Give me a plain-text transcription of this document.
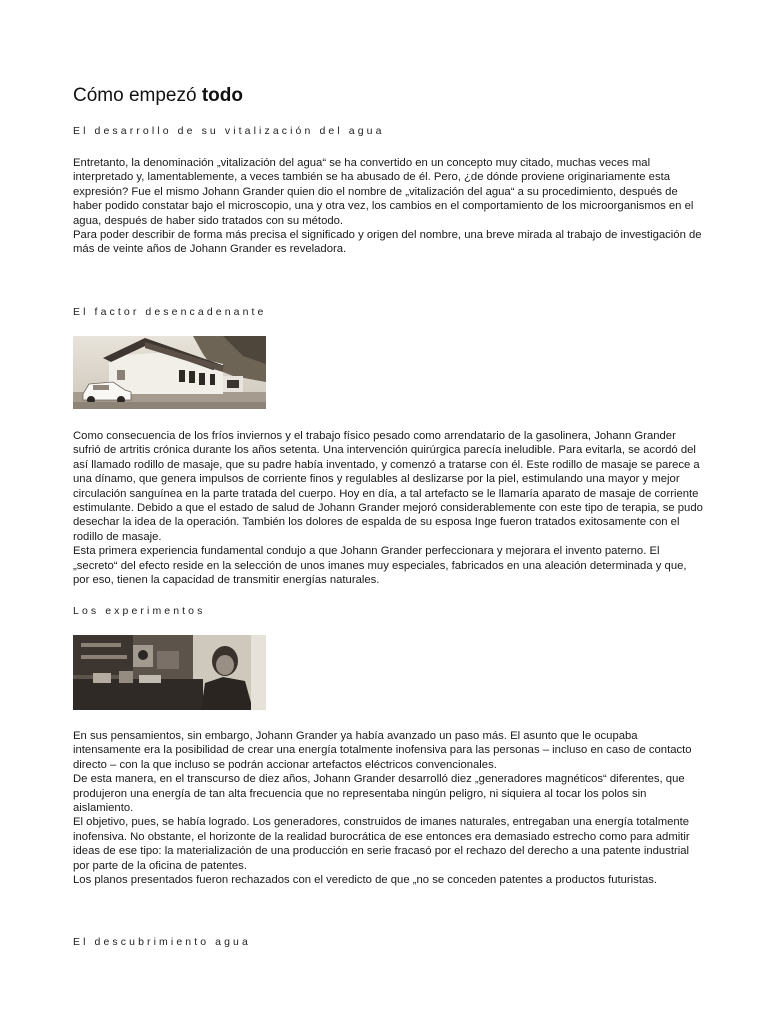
Cómo empezó todo
El desarrollo de su vitalización del agua

Entretanto, la denominación „vitalización del agua“ se ha convertido en un concepto muy citado, muchas veces mal interpretado y, lamentablemente, a veces también se ha abusado de él. Pero, ¿de dónde proviene originariamente esta expresión? Fue el mismo Johann Grander quien dio el nombre de „vitalización del agua“ a su procedimiento, después de haber podido constatar bajo el microscopio, una y otra vez, los cambios en el comportamiento de los microorganismos en el agua, después de haber sido tratados con su método.

Para poder describir de forma más precisa el significado y origen del nombre, una breve mirada al trabajo de investigación de más de veinte años de Johann Grander es reveladora.

El factor desencadenante

Como consecuencia de los fríos inviernos y el trabajo físico pesado como arrendatario de la gasolinera, Johann Grander sufrió de artritis crónica durante los años setenta. Una intervención quirúrgica parecía ineludible. Para evitarla, se acordó del así llamado rodillo de masaje, que su padre había inventado, y comenzó a tratarse con él. Este rodillo de masaje se parece a una dínamo, que genera impulsos de corriente finos y regulables al deslizarse por la piel, estimulando una mayor y mejor circulación sanguínea en la parte tratada del cuerpo. Hoy en día, a tal artefacto se le llamaría aparato de masaje de corriente estimulante. Debido a que el estado de salud de Johann Grander mejoró considerablemente con este tipo de terapia, se pudo desechar la idea de la operación. También los dolores de espalda de su esposa Inge fueron tratados exitosamente con el rodillo de masaje.

Esta primera experiencia fundamental condujo a que Johann Grander perfeccionara y mejorara el invento paterno. El „secreto“ del efecto reside en la selección de unos imanes muy especiales, fabricados en una aleación determinada y que, por eso, tienen la capacidad de transmitir energías naturales.

Los experimentos

En sus pensamientos, sin embargo, Johann Grander ya había avanzado un paso más. El asunto que le ocupaba intensamente era la posibilidad de crear una energía totalmente inofensiva para las personas – incluso en caso de contacto directo – con la que incluso se podrán accionar artefactos eléctricos convencionales.

De esta manera, en el transcurso de diez años, Johann Grander desarrolló diez „generadores magnéticos“ diferentes, que produjeron una energía de tan alta frecuencia que no representaba ningún peligro, ni siquiera al tocar los polos sin aislamiento.

El objetivo, pues, se había logrado. Los generadores, construidos de imanes naturales, entregaban una energía totalmente inofensiva. No obstante, el horizonte de la realidad burocrática de ese entonces era demasiado estrecho como para admitir ideas de ese tipo: la materialización de una producción en serie fracasó por el rechazo del derecho a una patente industrial por parte de la oficina de patentes.

Los planos presentados fueron rechazados con el veredicto de que „no se conceden patentes a productos futuristas.

El descubrimiento agua
